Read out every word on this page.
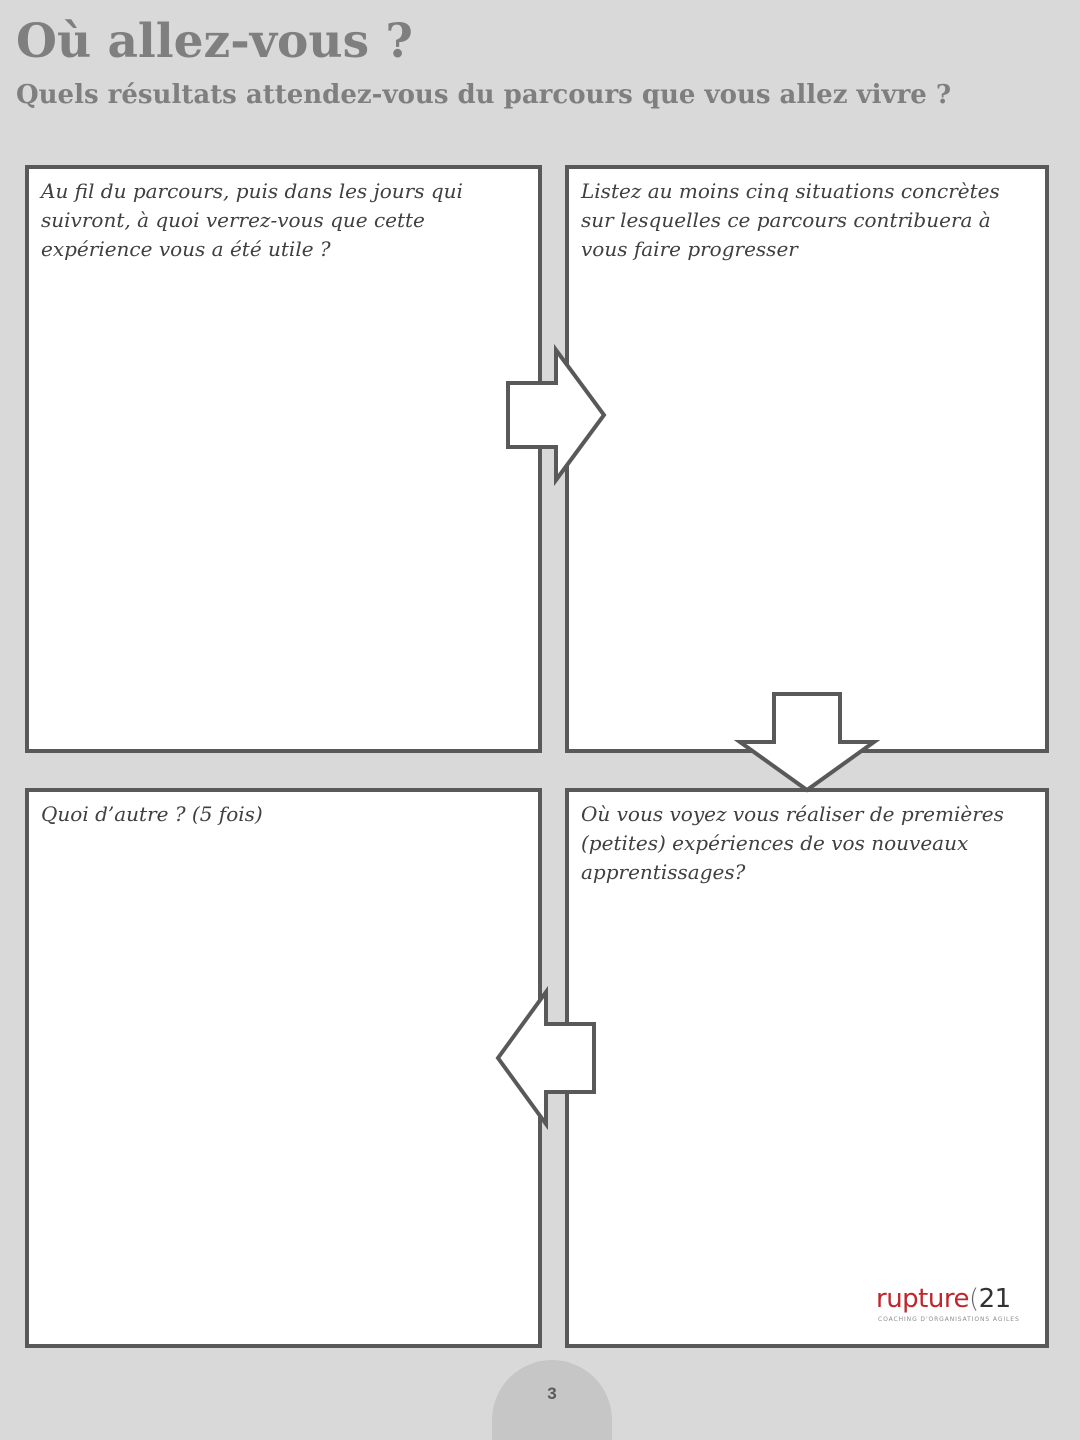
Où allez-vous ?
Quels résultats attendez-vous du parcours que vous allez vivre ?

Au fil du parcours, puis dans les jours qui suivront, à quoi verrez-vous que cette expérience vous a été utile ?

Listez au moins cinq situations concrètes sur lesquelles ce parcours contribuera à vous faire progresser

Quoi d’autre ? (5 fois)	Où vous voyez vous réaliser de premières (petites) expériences de vos nouveaux apprentissages?

rupture(21
COACHING D'ORGANISATIONS AGILES
3
